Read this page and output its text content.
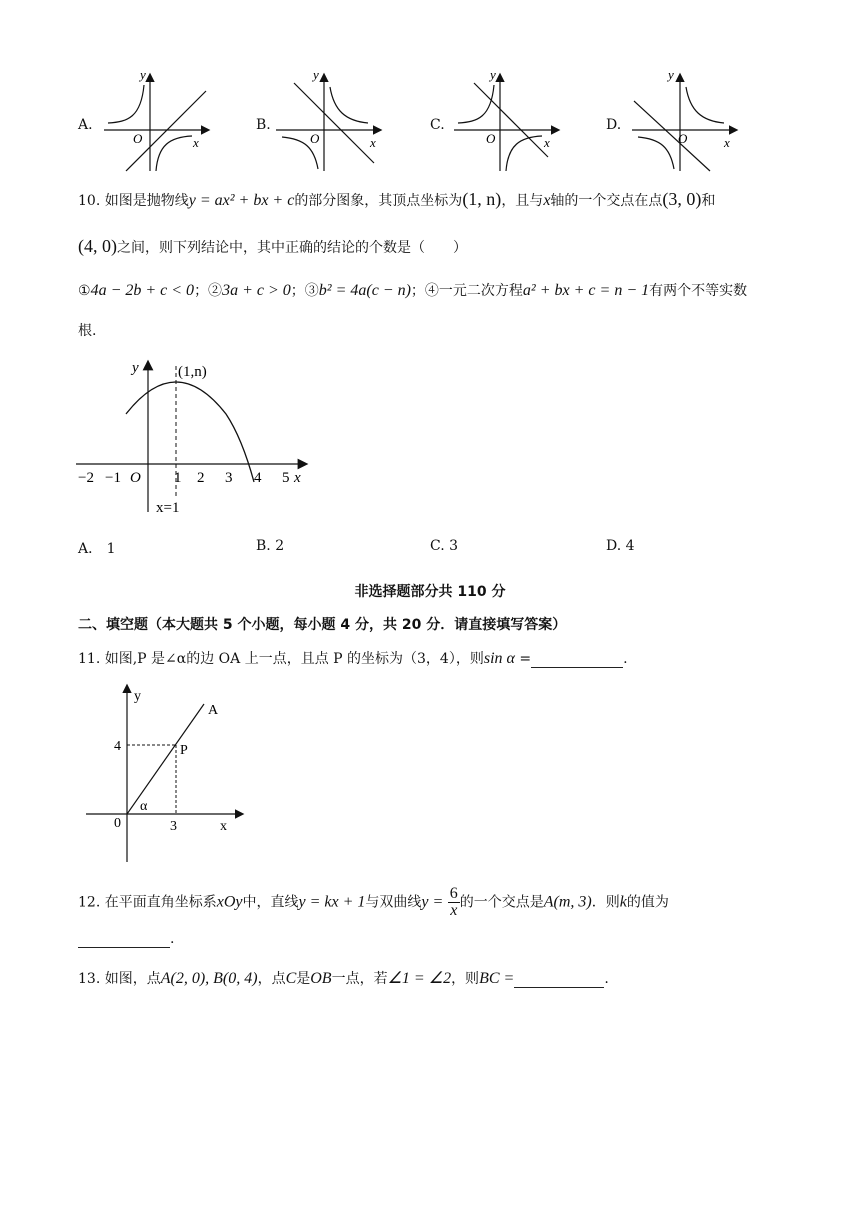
A.
O	x
y
B.
O	x
y
C.
O	x
y
D.
O	x
y
10. 如图是抛物线y = ax² + bx + c的部分图象，其顶点坐标为(1, n)，且与x轴的一个交点在点(3, 0)和
(4, 0)之间，则下列结论中，其中正确的结论的个数是（　　）
①4a − 2b + c < 0；②3a + c > 0；③b² = 4a(c − n)；④一元二次方程a² + bx + c = n − 1有两个不等实数
根.
−2 −1	1 2 3 4 5
O	x
y	(1,n)
x=1
A． 1	B. 2	C. 3	D. 4
非选择题部分共 110 分
二、填空题（本大题共 5 个小题，每小题 4 分，共 20 分．请直接填写答案）
11. 如图,P 是∠α的边 OA 上一点，且点 P 的坐标为（3，4），则sin α =	.
y
x
0
A
P
α
3
4
12. 在平面直角坐标系xOy中，直线y = kx + 1与双曲线$y = \frac{6}{x}$ 的一个交点是A(m, 3)．则k的值为
.
13. 如图，点A(2, 0), B(0, 4)，点C是OB一点，若∠1 = ∠2，则BC =	.
